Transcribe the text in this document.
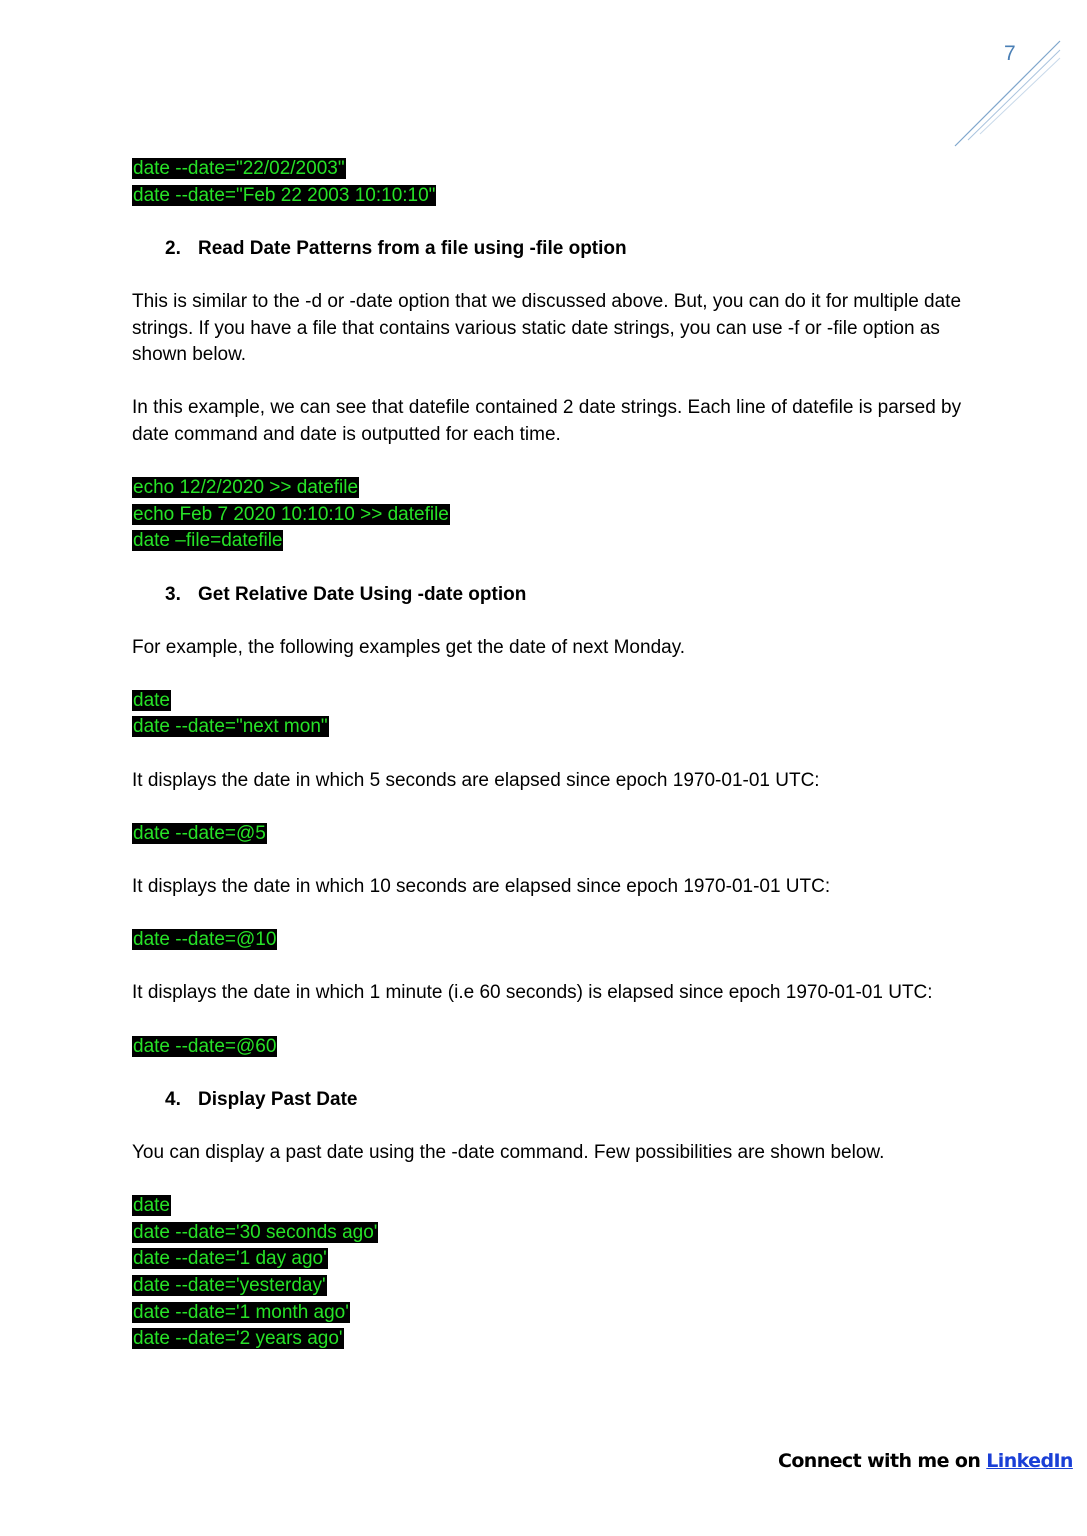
7
date --date="22/02/2003"
date --date="Feb 22 2003 10:10:10"
2. Read Date Patterns from a file using -file option

This is similar to the -d or -date option that we discussed above. But, you can do it for multiple date strings. If you have a file that contains various static date strings, you can use -f or -file option as shown below.

In this example, we can see that datefile contained 2 date strings. Each line of datefile is parsed by date command and date is outputted for each time.

echo 12/2/2020 >> datefile
echo Feb 7 2020 10:10:10 >> datefile
date –file=datefile
3. Get Relative Date Using -date option

For example, the following examples get the date of next Monday.

date
date --date="next mon"

It displays the date in which 5 seconds are elapsed since epoch 1970-01-01 UTC:

date --date=@5

It displays the date in which 10 seconds are elapsed since epoch 1970-01-01 UTC:

date --date=@10

It displays the date in which 1 minute (i.e 60 seconds) is elapsed since epoch 1970-01-01 UTC:

date --date=@60
4. Display Past Date

You can display a past date using the -date command. Few possibilities are shown below.

date
date --date='30 seconds ago'
date --date='1 day ago'
date --date='yesterday'
date --date='1 month ago'
date --date='2 years ago'
Connect with me on LinkedIn
